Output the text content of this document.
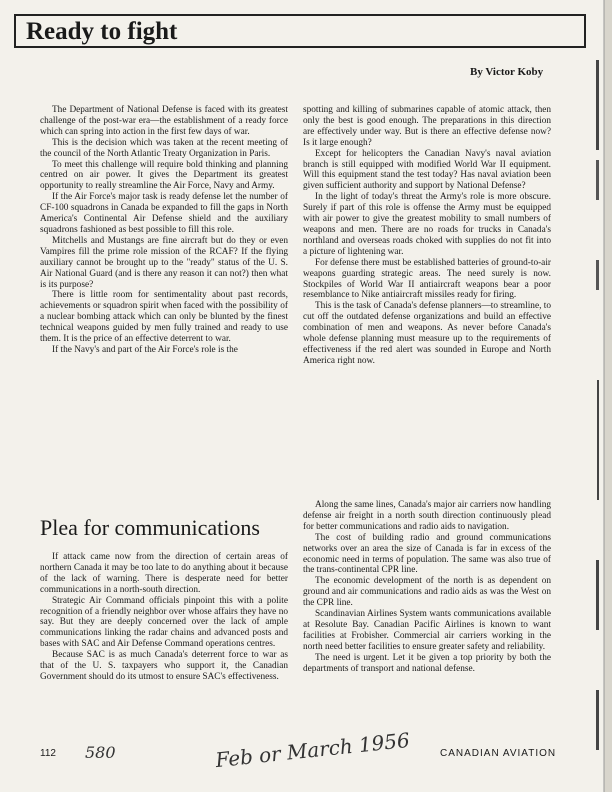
Ready to fight
By Victor Koby

The Department of National Defense is faced with its greatest challenge of the post-war era—the establishment of a ready force which can spring into action in the first few days of war.

This is the decision which was taken at the recent meeting of the council of the North Atlantic Treaty Organization in Paris.

To meet this challenge will require bold thinking and planning centred on air power. It gives the Department its greatest opportunity to really streamline the Air Force, Navy and Army.

If the Air Force's major task is ready defense let the number of CF-100 squadrons in Canada be expanded to fill the gaps in North America's Continental Air Defense shield and the auxiliary squadrons fashioned as best possible to fill this role.

Mitchells and Mustangs are fine aircraft but do they or even Vampires fill the prime role mission of the RCAF? If the flying auxiliary cannot be brought up to the "ready" status of the U. S. Air National Guard (and is there any reason it can not?) then what is its purpose?

There is little room for sentimentality about past records, achievements or squadron spirit when faced with the possibility of a nuclear bombing attack which can only be blunted by the finest technical weapons guided by men fully trained and ready to use them. It is the price of an effective deterrent to war.

If the Navy's and part of the Air Force's role is the

spotting and killing of submarines capable of atomic attack, then only the best is good enough. The preparations in this direction are effectively under way. But is there an effective defense now? Is it large enough?

Except for helicopters the Canadian Navy's naval aviation branch is still equipped with modified World War II equipment. Will this equipment stand the test today? Has naval aviation been given sufficient authority and support by National Defense?

In the light of today's threat the Army's role is more obscure. Surely if part of this role is offense the Army must be equipped with air power to give the greatest mobility to small numbers of weapons and men. There are no roads for trucks in Canada's northland and overseas roads choked with supplies do not fit into a picture of lightening war.

For defense there must be established batteries of ground-to-air weapons guarding strategic areas. The need surely is now. Stockpiles of World War II antiaircraft weapons bear a poor resemblance to Nike antiaircraft missiles ready for firing.

This is the task of Canada's defense planners—to streamline, to cut off the outdated defense organizations and build an effective combination of men and weapons. As never before Canada's whole defense planning must measure up to the requirements of effectiveness if the red alert was sounded in Europe and North America right now.

Plea for communications

If attack came now from the direction of certain areas of northern Canada it may be too late to do anything about it because of the lack of warning. There is desperate need for better communications in a north-south direction.

Strategic Air Command officials pinpoint this with a polite recognition of a friendly neighbor over whose affairs they have no say. But they are deeply concerned over the lack of ample communications linking the radar chains and advanced posts and bases with SAC and Air Defense Command operations centres.

Because SAC is as much Canada's deterrent force to war as that of the U. S. taxpayers who support it, the Canadian Government should do its utmost to ensure SAC's effectiveness.

Along the same lines, Canada's major air carriers now handling defense air freight in a north south direction continuously plead for better communications and radio aids to navigation.

The cost of building radio and ground communications networks over an area the size of Canada is far in excess of the economic need in terms of population. The same was also true of the trans-continental CPR line.

The economic development of the north is as dependent on ground and air communications and radio aids as was the West on the CPR line.

Scandinavian Airlines System wants communications available at Resolute Bay. Canadian Pacific Airlines is known to want facilities at Frobisher. Commercial air carriers working in the north need better facilities to ensure greater safety and reliability.

The need is urgent. Let it be given a top priority by both the departments of transport and national defense.

112 580	Feb or March 1956	CANADIAN AVIATION
